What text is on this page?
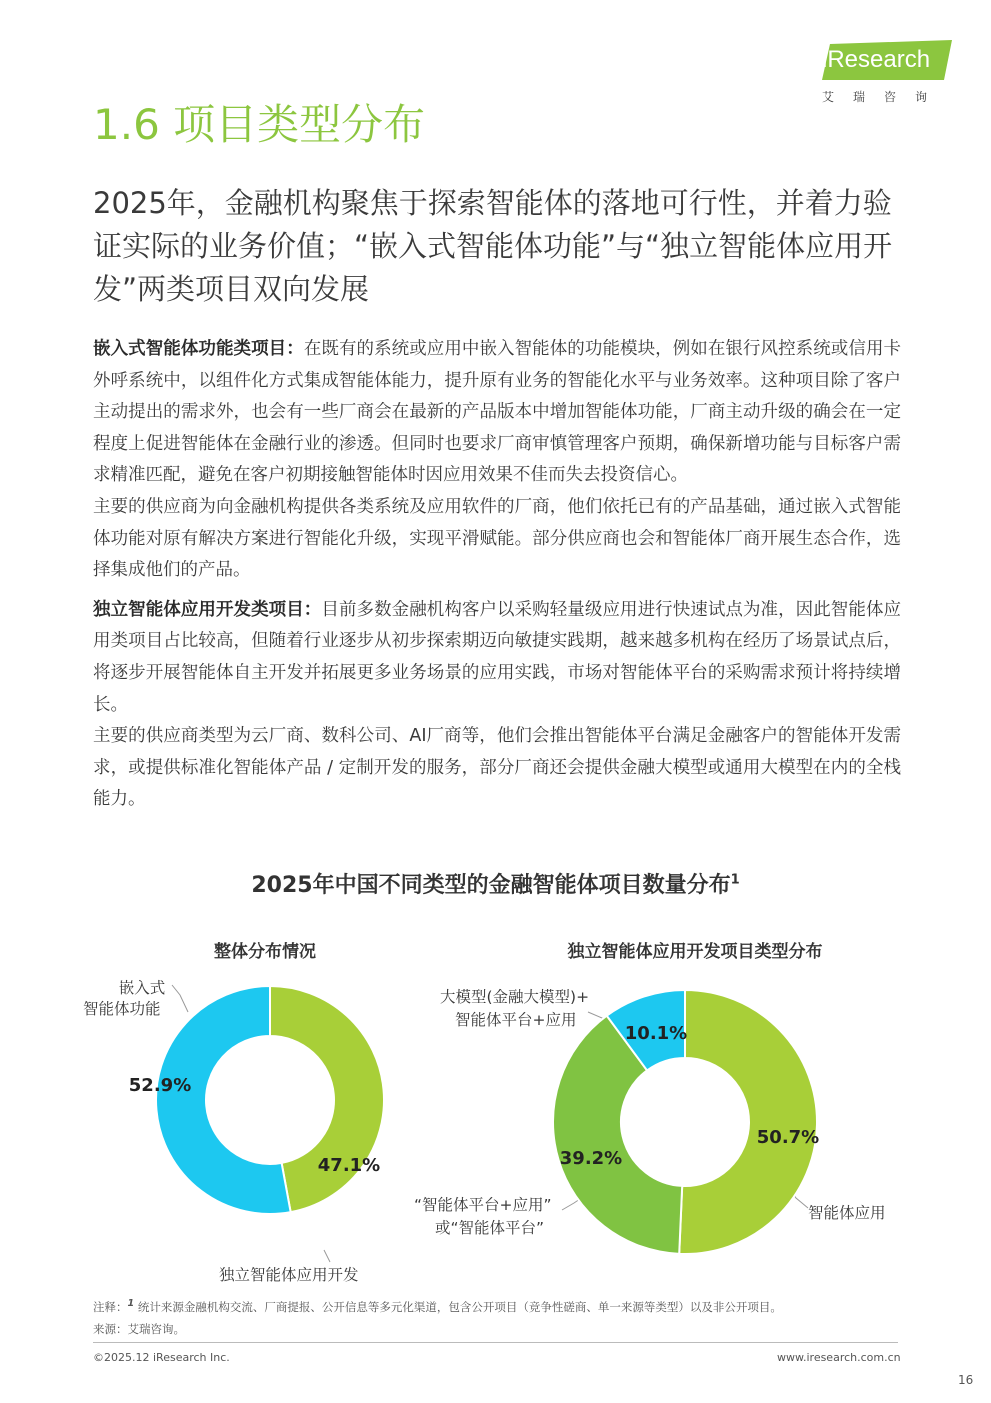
iResearch
艾瑞咨询
1.6 项目类型分布
2025年，金融机构聚焦于探索智能体的落地可行性，并着力验证实际的业务价值；“嵌入式智能体功能”与“独立智能体应用开发”两类项目双向发展

嵌入式智能体功能类项目：在既有的系统或应用中嵌入智能体的功能模块，例如在银行风控系统或信用卡外呼系统中，以组件化方式集成智能体能力，提升原有业务的智能化水平与业务效率。这种项目除了客户主动提出的需求外，也会有一些厂商会在最新的产品版本中增加智能体功能，厂商主动升级的确会在一定程度上促进智能体在金融行业的渗透。但同时也要求厂商审慎管理客户预期，确保新增功能与目标客户需求精准匹配，避免在客户初期接触智能体时因应用效果不佳而失去投资信心。

主要的供应商为向金融机构提供各类系统及应用软件的厂商，他们依托已有的产品基础，通过嵌入式智能体功能对原有解决方案进行智能化升级，实现平滑赋能。部分供应商也会和智能体厂商开展生态合作，选择集成他们的产品。

独立智能体应用开发类项目：目前多数金融机构客户以采购轻量级应用进行快速试点为准，因此智能体应用类项目占比较高，但随着行业逐步从初步探索期迈向敏捷实践期，越来越多机构在经历了场景试点后，将逐步开展智能体自主开发并拓展更多业务场景的应用实践，市场对智能体平台的采购需求预计将持续增长。

主要的供应商类型为云厂商、数科公司、AI厂商等，他们会推出智能体平台满足金融客户的智能体开发需求，或提供标准化智能体产品 / 定制开发的服务，部分厂商还会提供金融大模型或通用大模型在内的全栈能力。

2025年中国不同类型的金融智能体项目数量分布$^1$
整体分布情况
47.1%
52.9%
嵌入式
智能体功能
独立智能体应用开发
独立智能体应用开发项目类型分布
50.7%
39.2%
10.1%
大模型(金融大模型)+
智能体平台+应用
“智能体平台+应用”
或“智能体平台”
智能体应用
注释：$^1$ 统计来源金融机构交流、厂商提报、公开信息等多元化渠道，包含公开项目（竞争性磋商、单一来源等类型）以及非公开项目。
来源：艾瑞咨询。
©2025.12 iResearch Inc.	www.iresearch.com.cn
16
